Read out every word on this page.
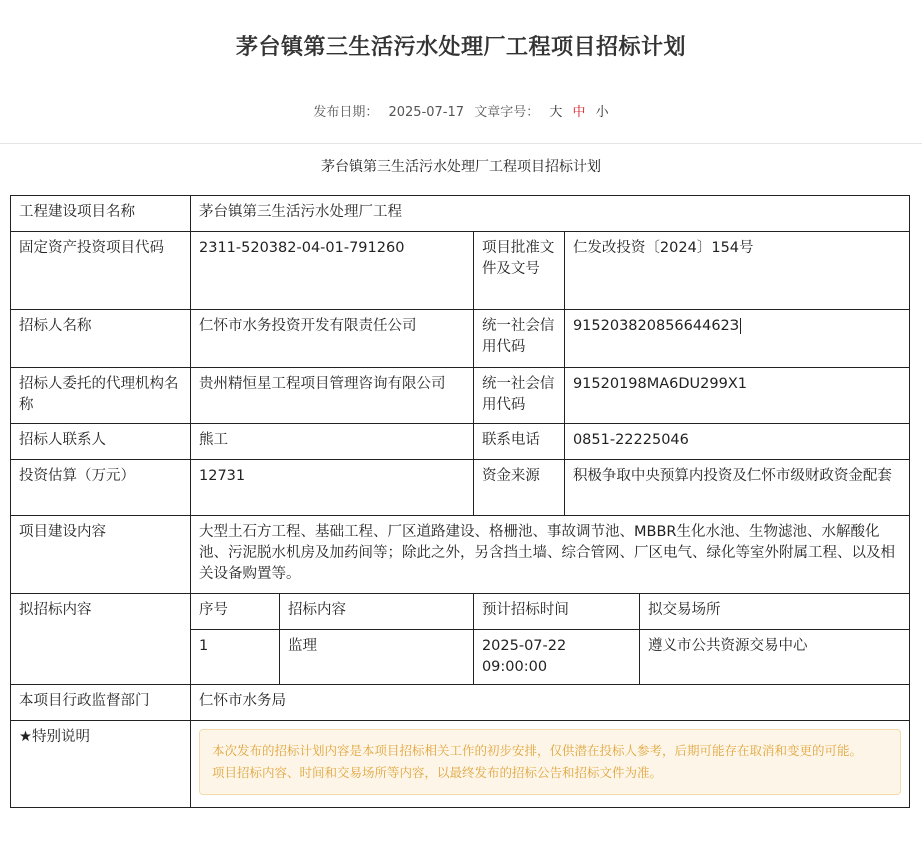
茅台镇第三生活污水处理厂工程项目招标计划
发布日期： 2025-07-17 文章字号： 大 中 小
茅台镇第三生活污水处理厂工程项目招标计划
工程建设项目名称	茅台镇第三生活污水处理厂工程				
固定资产投资项目代码	2311-520382-04-01-791260		项目批准文件及文号	仁发改投资〔2024〕154号	
招标人名称	仁怀市水务投资开发有限责任公司		统一社会信用代码	91520382085664462З	
招标人委托的代理机构名称	贵州精恒星工程项目管理咨询有限公司		统一社会信用代码	91520198MA6DU299X1	
招标人联系人	熊工		联系电话	0851-22225046	
投资估算（万元）	12731		资金来源	积极争取中央预算内投资及仁怀市级财政资金配套	
项目建设内容	大型土石方工程、基础工程、厂区道路建设、格栅池、事故调节池、MBBR生化水池、生物滤池、水解酸化池、污泥脱水机房及加药间等；除此之外，另含挡土墙、综合管网、厂区电气、绿化等室外附属工程、以及相关设备购置等。				
拟招标内容	序号	招标内容	预计招标时间		拟交易场所
	1	监理	2025-07-22 09:00:00		遵义市公共资源交易中心
本项目行政监督部门	仁怀市水务局				
★特别说明	本次发布的招标计划内容是本项目招标相关工作的初步安排，仅供潜在投标人参考，后期可能存在取消和变更的可能。
项目招标内容、时间和交易场所等内容，以最终发布的招标公告和招标文件为准。				
